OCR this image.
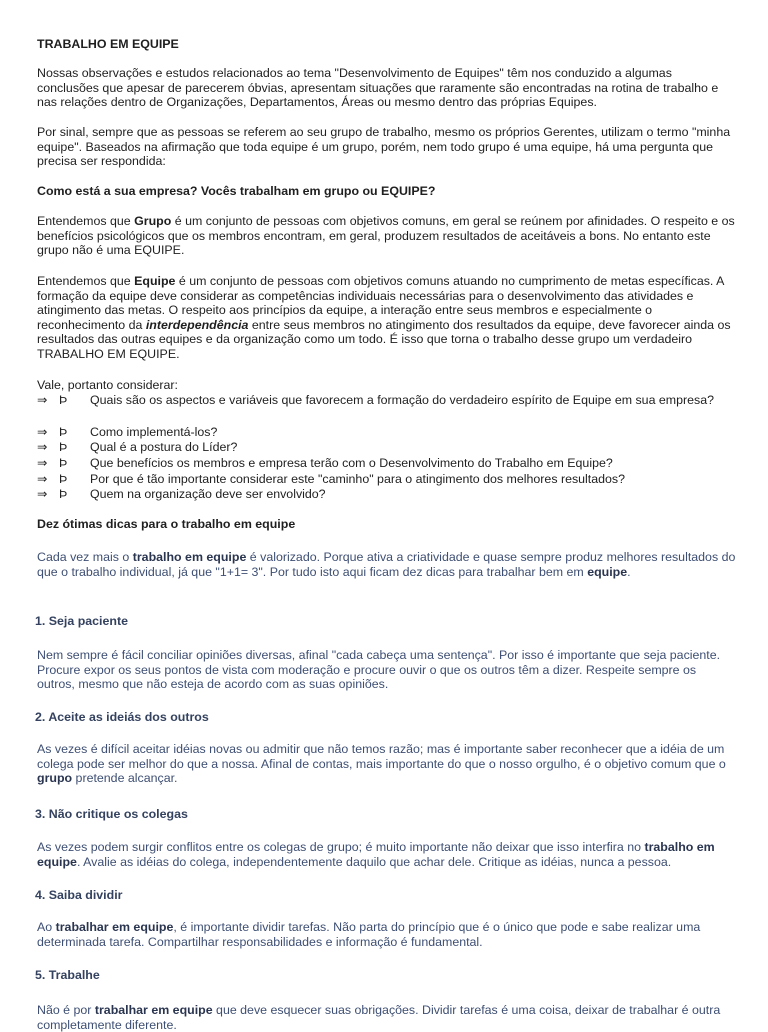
TRABALHO EM EQUIPE

Nossas observações e estudos relacionados ao tema "Desenvolvimento de Equipes" têm nos conduzido a algumas conclusões que apesar de parecerem óbvias, apresentam situações que raramente são encontradas na rotina de trabalho e nas relações dentro de Organizações, Departamentos, Áreas ou mesmo dentro das próprias Equipes.

Por sinal, sempre que as pessoas se referem ao seu grupo de trabalho, mesmo os próprios Gerentes, utilizam o termo "minha equipe". Baseados na afirmação que toda equipe é um grupo, porém, nem todo grupo é uma equipe, há uma pergunta que precisa ser respondida:

Como está a sua empresa? Vocês trabalham em grupo ou EQUIPE?

Entendemos que Grupo é um conjunto de pessoas com objetivos comuns, em geral se reúnem por afinidades. O respeito e os benefícios psicológicos que os membros encontram, em geral, produzem resultados de aceitáveis a bons. No entanto este grupo não é uma EQUIPE.

Entendemos que Equipe é um conjunto de pessoas com objetivos comuns atuando no cumprimento de metas específicas. A formação da equipe deve considerar as competências individuais necessárias para o desenvolvimento das atividades e atingimento das metas. O respeito aos princípios da equipe, a interação entre seus membros e especialmente o reconhecimento da interdependência entre seus membros no atingimento dos resultados da equipe, deve favorecer ainda os resultados das outras equipes e da organização como um todo. É isso que torna o trabalho desse grupo um verdadeiro TRABALHO EM EQUIPE.

Vale, portanto considerar:
⇒ Þ	Quais são os aspectos e variáveis que favorecem a formação do verdadeiro espírito de Equipe em sua empresa?
⇒ Þ	Como implementá-los?
⇒ Þ	Qual é a postura do Líder?
⇒ Þ	Que benefícios os membros e empresa terão com o Desenvolvimento do Trabalho em Equipe?
⇒ Þ	Por que é tão importante considerar este "caminho" para o atingimento dos melhores resultados?
⇒ Þ	Quem na organização deve ser envolvido?
Dez ótimas dicas para o trabalho em equipe

Cada vez mais o trabalho em equipe é valorizado. Porque ativa a criatividade e quase sempre produz melhores resultados do que o trabalho individual, já que "1+1= 3". Por tudo isto aqui ficam dez dicas para trabalhar bem em equipe.

1. Seja paciente

Nem sempre é fácil conciliar opiniões diversas, afinal "cada cabeça uma sentença". Por isso é importante que seja paciente. Procure expor os seus pontos de vista com moderação e procure ouvir o que os outros têm a dizer. Respeite sempre os outros, mesmo que não esteja de acordo com as suas opiniões.

2. Aceite as ideiás dos outros

As vezes é difícil aceitar idéias novas ou admitir que não temos razão; mas é importante saber reconhecer que a idéia de um colega pode ser melhor do que a nossa. Afinal de contas, mais importante do que o nosso orgulho, é o objetivo comum que o grupo pretende alcançar.

3. Não critique os colegas

As vezes podem surgir conflitos entre os colegas de grupo; é muito importante não deixar que isso interfira no trabalho em equipe. Avalie as idéias do colega, independentemente daquilo que achar dele. Critique as idéias, nunca a pessoa.

4. Saiba dividir

Ao trabalhar em equipe, é importante dividir tarefas. Não parta do princípio que é o único que pode e sabe realizar uma determinada tarefa. Compartilhar responsabilidades e informação é fundamental.

5. Trabalhe

Não é por trabalhar em equipe que deve esquecer suas obrigações. Dividir tarefas é uma coisa, deixar de trabalhar é outra completamente diferente.
